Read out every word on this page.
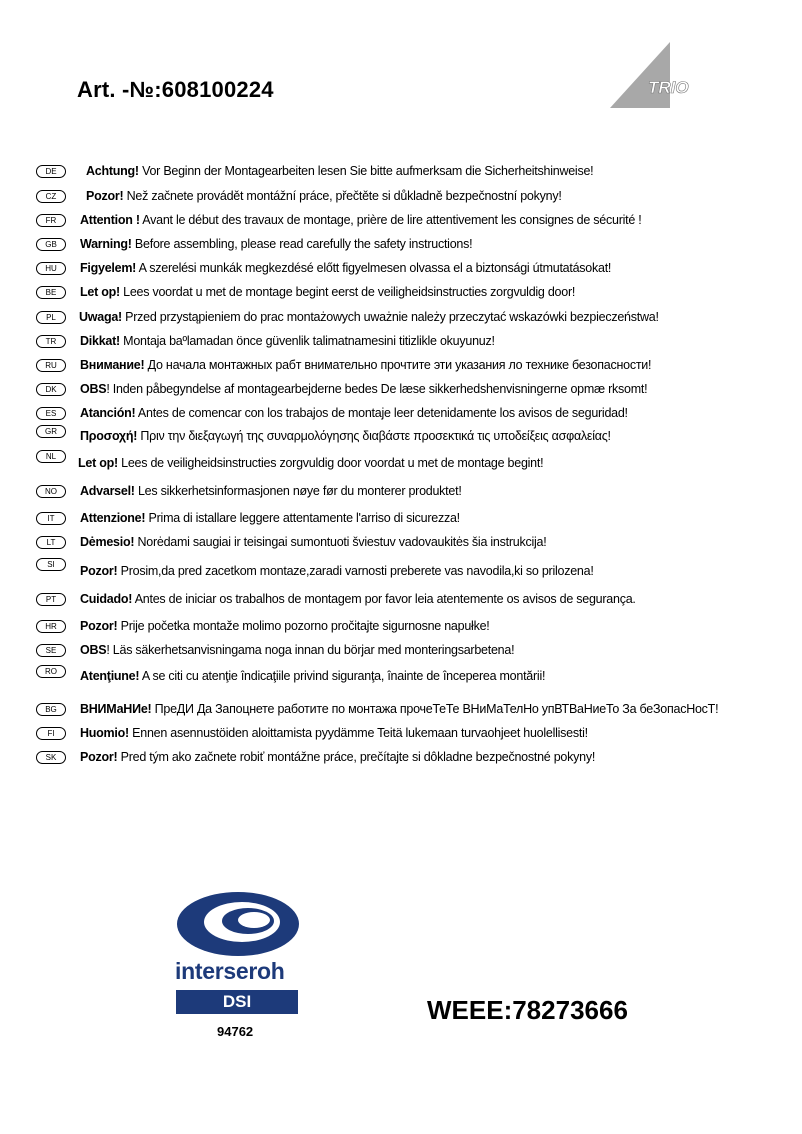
Art. -№:608100224	TRIO
DE	Achtung! Vor Beginn der Montagearbeiten lesen Sie bitte aufmerksam die Sicherheitshinweise!
CZ	Pozor! Než začnete provádět montážní práce, přečtěte si důkladně bezpečnostní pokyny!
FR	Attention ! Avant le début des travaux de montage, prière de lire attentivement les consignes de sécurité !
GB	Warning! Before assembling, please read carefully the safety instructions!
HU	Figyelem! A szerelési munkák megkezdésé előtt figyelmesen olvassa el a biztonsági útmutatásokat!
BE	Let op! Lees voordat u met de montage begint eerst de veiligheidsinstructies zorgvuldig door!
PL	Uwaga! Przed przystąpieniem do prac montażowych uważnie należy przeczytać wskazówki bezpieczeństwa!
TR	Dikkat! Montaja baºlamadan önce güvenlik talimatnamesini titizlikle okuyunuz!
RU	Внимание! До начала монтажных рабт внимательно прочтите эти указания ло технике безопасности!
DK	OBS! Inden påbegyndelse af montagearbejderne bedes De læse sikkerhedshenvisningerne opmæ rksomt!
ES	Atanción! Antes de comencar con los trabajos de montaje leer detenidamente los avisos de seguridad!
GR	Προσοχή! Πριν την διεξαγωγή της συναρμολόγησης διαβάστε προσεκτικά τις υποδείξεις ασφαλείας!
NL	Let op! Lees de veiligheidsinstructies zorgvuldig door voordat u met de montage begint!
NO	Advarsel! Les sikkerhetsinformasjonen nøye før du monterer produktet!
IT	Attenzione! Prima di istallare leggere attentamente l'arriso di sicurezza!
LT	Dėmesio! Norėdami saugiai ir teisingai sumontuoti šviestuv vadovaukitės šia instrukcija!
SI	Pozor! Prosim,da pred zacetkom montaze,zaradi varnosti preberete vas navodila,ki so prilozena!
PT	Cuidado! Antes de iniciar os trabalhos de montagem por favor leia atentemente os avisos de segurança.
HR	Pozor! Prije početka montaže molimo pozorno pročitajte sigurnosne napułke!
SE	OBS! Läs säkerhetsanvisningama noga innan du börjar med monteringsarbetena!
RO	Atenţiune! A se citi cu atenţie îndicaţiile privind siguranţa, înainte de începerea montării!
BG	ВНИМаНИе! ПреДИ Да Запоцнете работите по монтажа прочеТеТе ВНиМаТелНо упВТВаНиеТо За беЗопасНосТ!
FI	Huomio! Ennen asennustöiden aloittamista pyydämme Teitä lukemaan turvaohjeet huolellisesti!
SK	Pozor! Pred tým ako začnete robiť montážne práce, prečítajte si dôkladne bezpečnostné pokyny!
interseroh
DSI
94762
WEEE:78273666
